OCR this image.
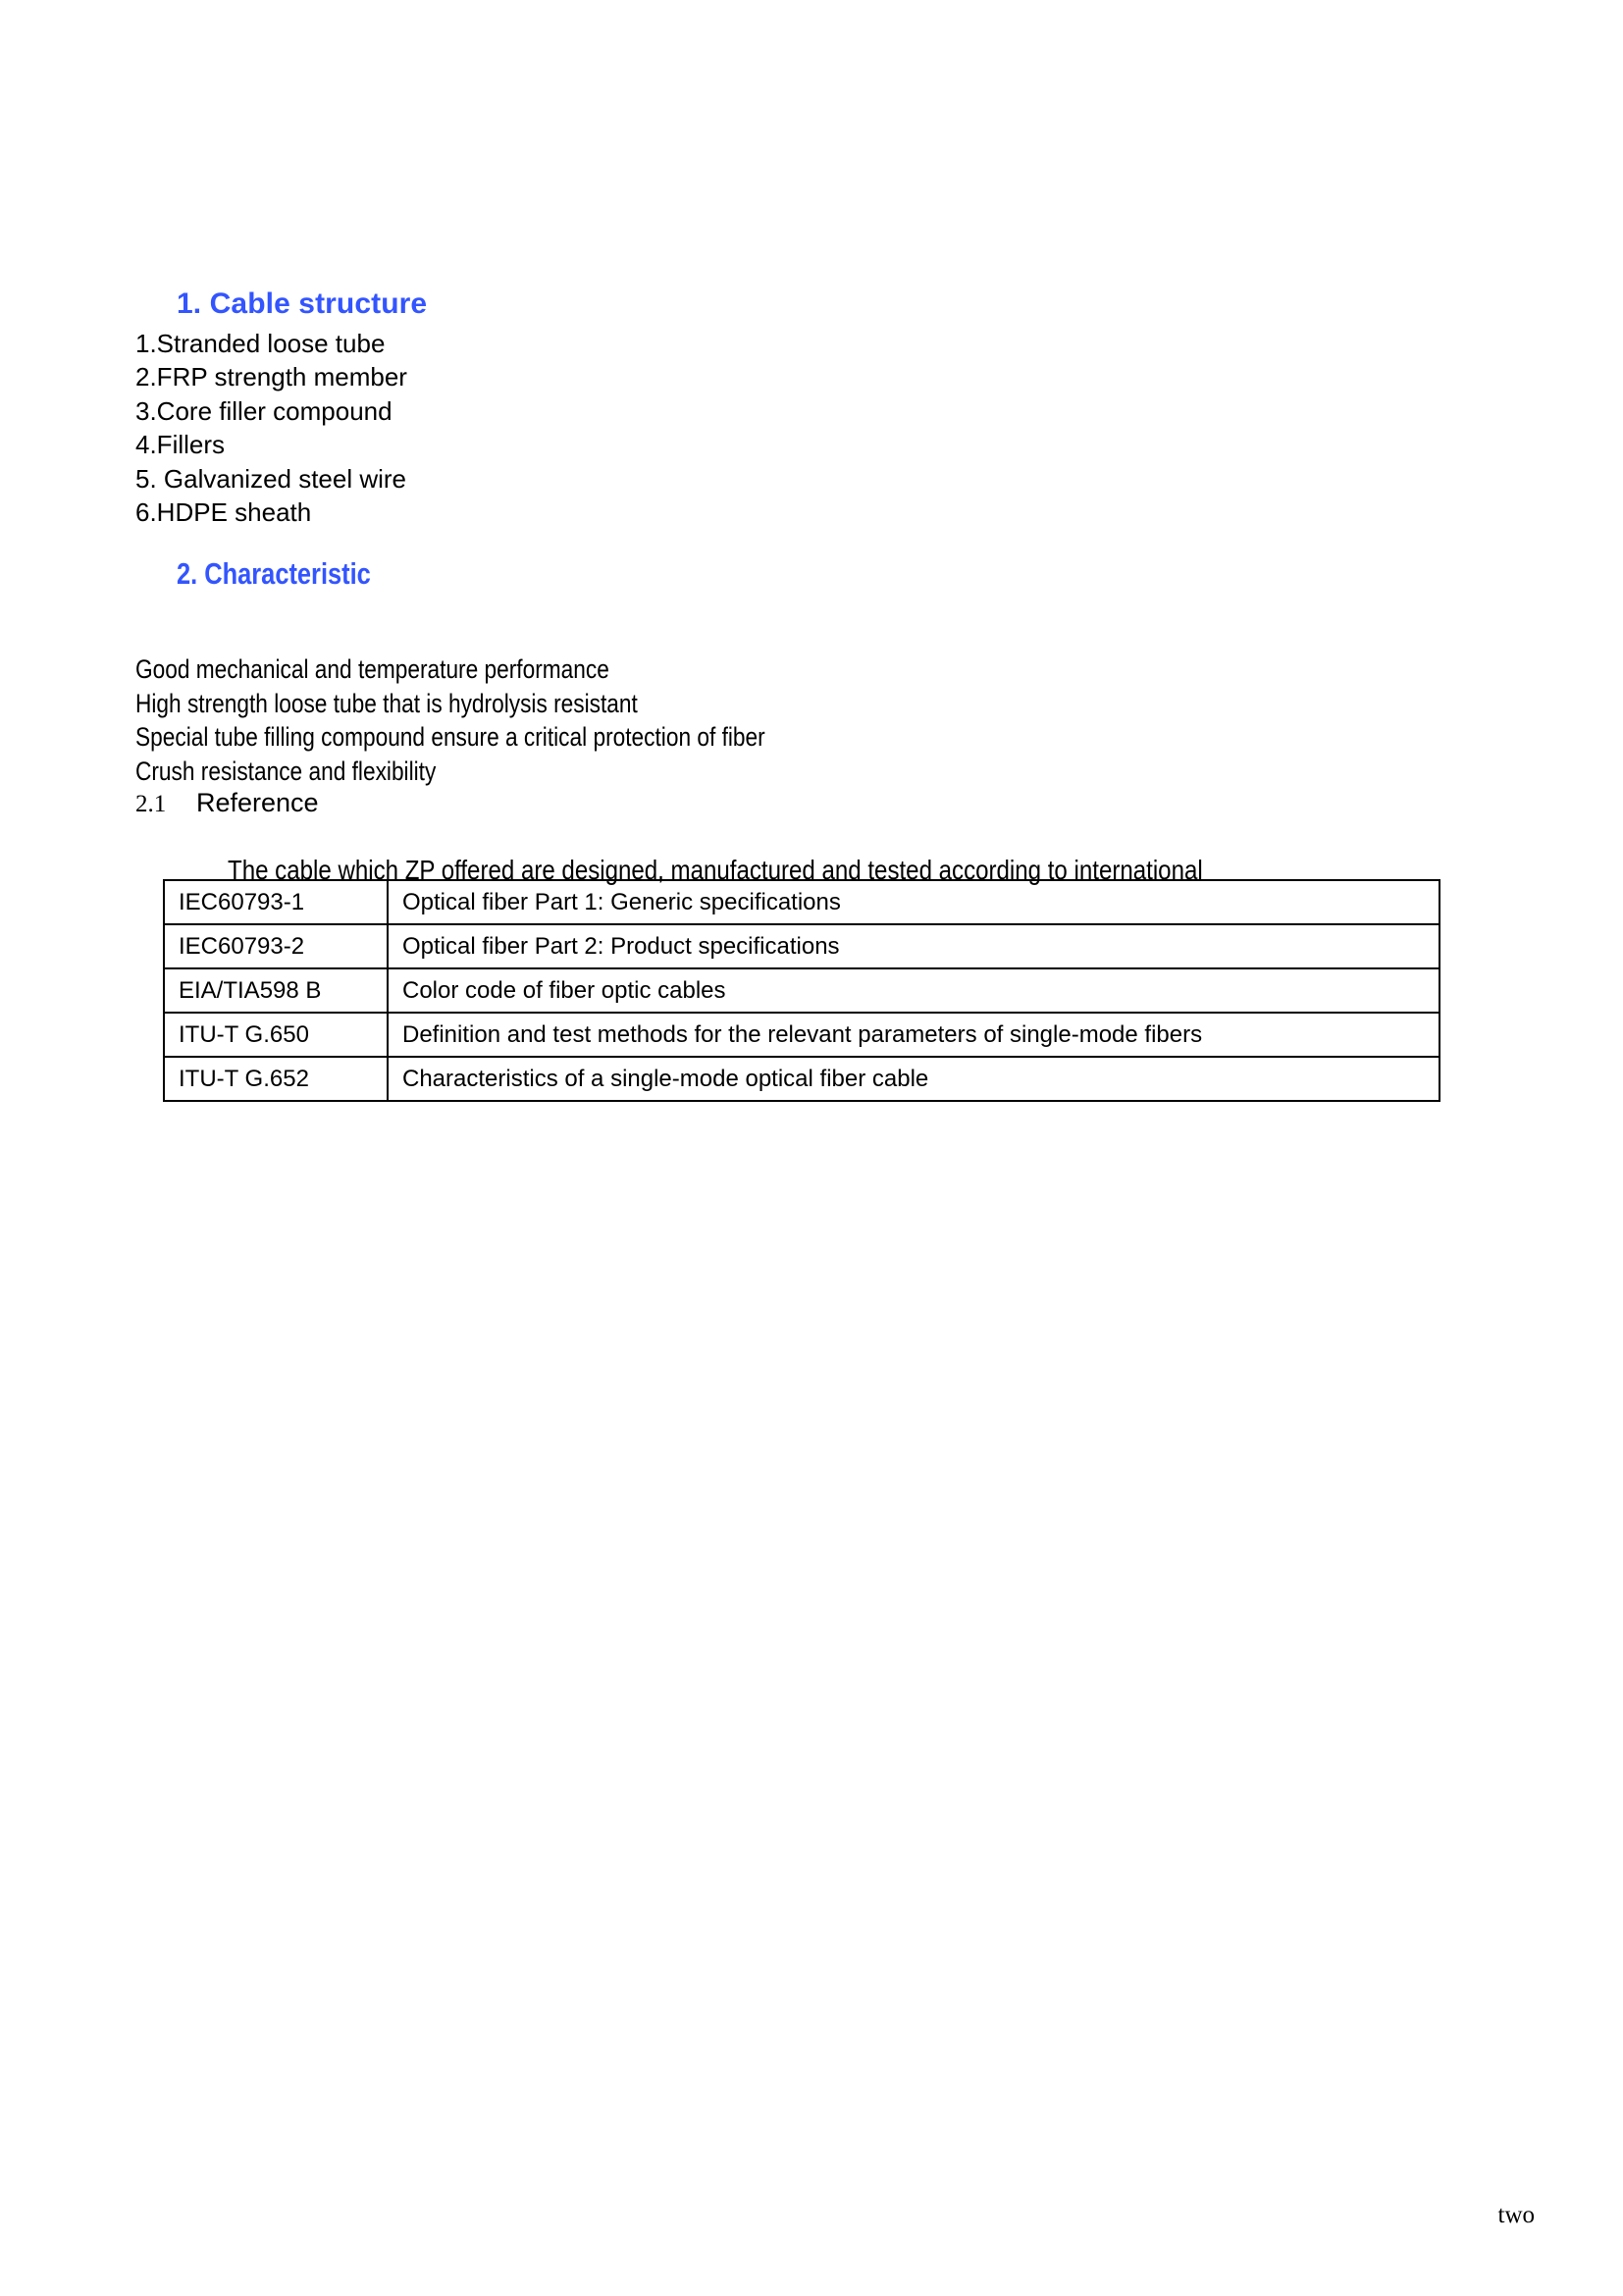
1. Cable structure
1.Stranded loose tube
2.FRP strength member
3.Core filler compound
4.Fillers
5. Galvanized steel wire
6.HDPE sheath
2. Characteristic
Good mechanical and temperature performance
High strength loose tube that is hydrolysis resistant
Special tube filling compound ensure a critical protection of fiber
Crush resistance and flexibility
2.1	Reference

The cable which ZP offered are designed, manufactured and tested according to international

IEC60793-1	Optical fiber Part 1: Generic specifications
IEC60793-2	Optical fiber Part 2: Product specifications
EIA/TIA598 B	Color code of fiber optic cables
ITU-T G.650	Definition and test methods for the relevant parameters of single-mode fibers
ITU-T G.652	Characteristics of a single-mode optical fiber cable
two
